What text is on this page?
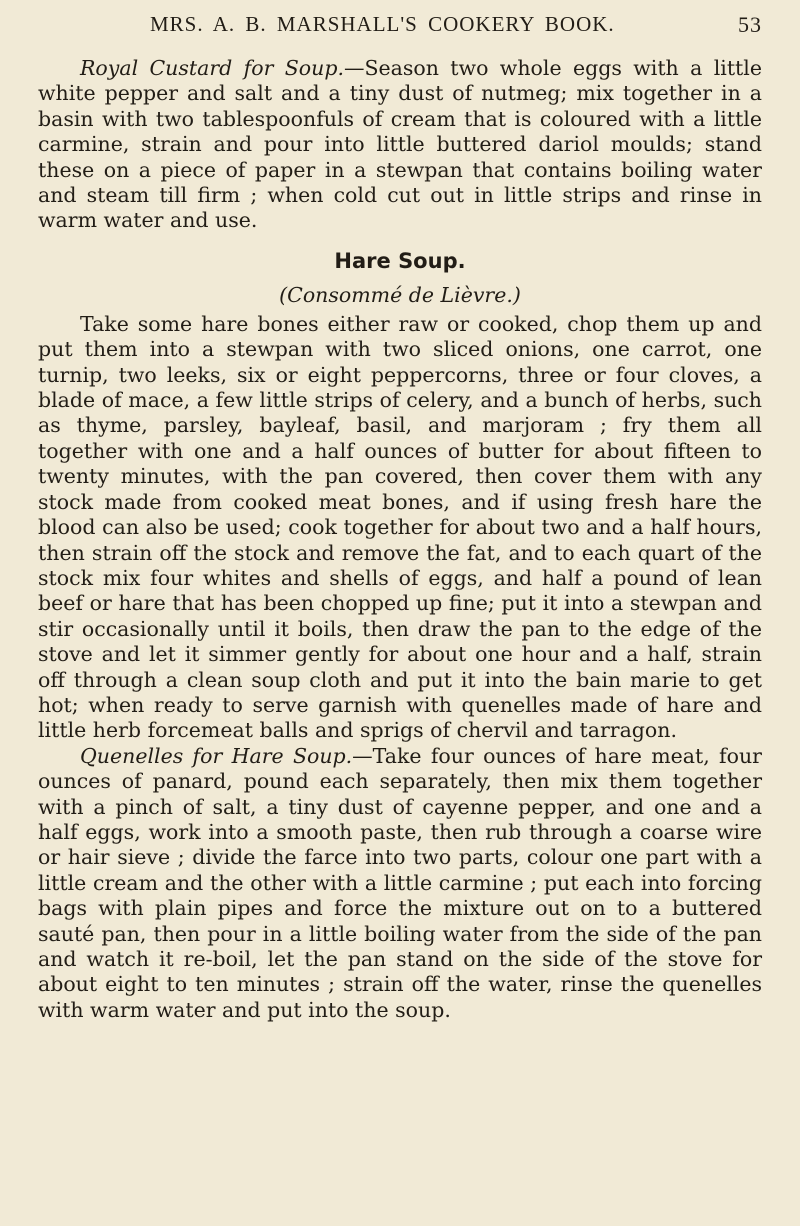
MRS. A. B. MARSHALL'S COOKERY BOOK.	53

Royal Custard for Soup.—Season two whole eggs with a little white pepper and salt and a tiny dust of nutmeg; mix together in a basin with two tablespoonfuls of cream that is coloured with a little carmine, strain and pour into little buttered dariol moulds; stand these on a piece of paper in a stewpan that contains boiling water and steam till firm ; when cold cut out in little strips and rinse in warm water and use.

Hare Soup.

(Consommé de Lièvre.)

Take some hare bones either raw or cooked, chop them up and put them into a stewpan with two sliced onions, one carrot, one turnip, two leeks, six or eight peppercorns, three or four cloves, a blade of mace, a few little strips of celery, and a bunch of herbs, such as thyme, parsley, bayleaf, basil, and marjoram ; fry them all together with one and a half ounces of butter for about fifteen to twenty minutes, with the pan covered, then cover them with any stock made from cooked meat bones, and if using fresh hare the blood can also be used; cook together for about two and a half hours, then strain off the stock and remove the fat, and to each quart of the stock mix four whites and shells of eggs, and half a pound of lean beef or hare that has been chopped up fine; put it into a stewpan and stir occasionally until it boils, then draw the pan to the edge of the stove and let it simmer gently for about one hour and a half, strain off through a clean soup cloth and put it into the bain marie to get hot; when ready to serve garnish with quenelles made of hare and little herb forcemeat balls and sprigs of chervil and tarragon.

Quenelles for Hare Soup.—Take four ounces of hare meat, four ounces of panard, pound each separately, then mix them together with a pinch of salt, a tiny dust of cayenne pepper, and one and a half eggs, work into a smooth paste, then rub through a coarse wire or hair sieve ; divide the farce into two parts, colour one part with a little cream and the other with a little carmine ; put each into forcing bags with plain pipes and force the mixture out on to a buttered sauté pan, then pour in a little boiling water from the side of the pan and watch it re-boil, let the pan stand on the side of the stove for about eight to ten minutes ; strain off the water, rinse the quenelles with warm water and put into the soup.
